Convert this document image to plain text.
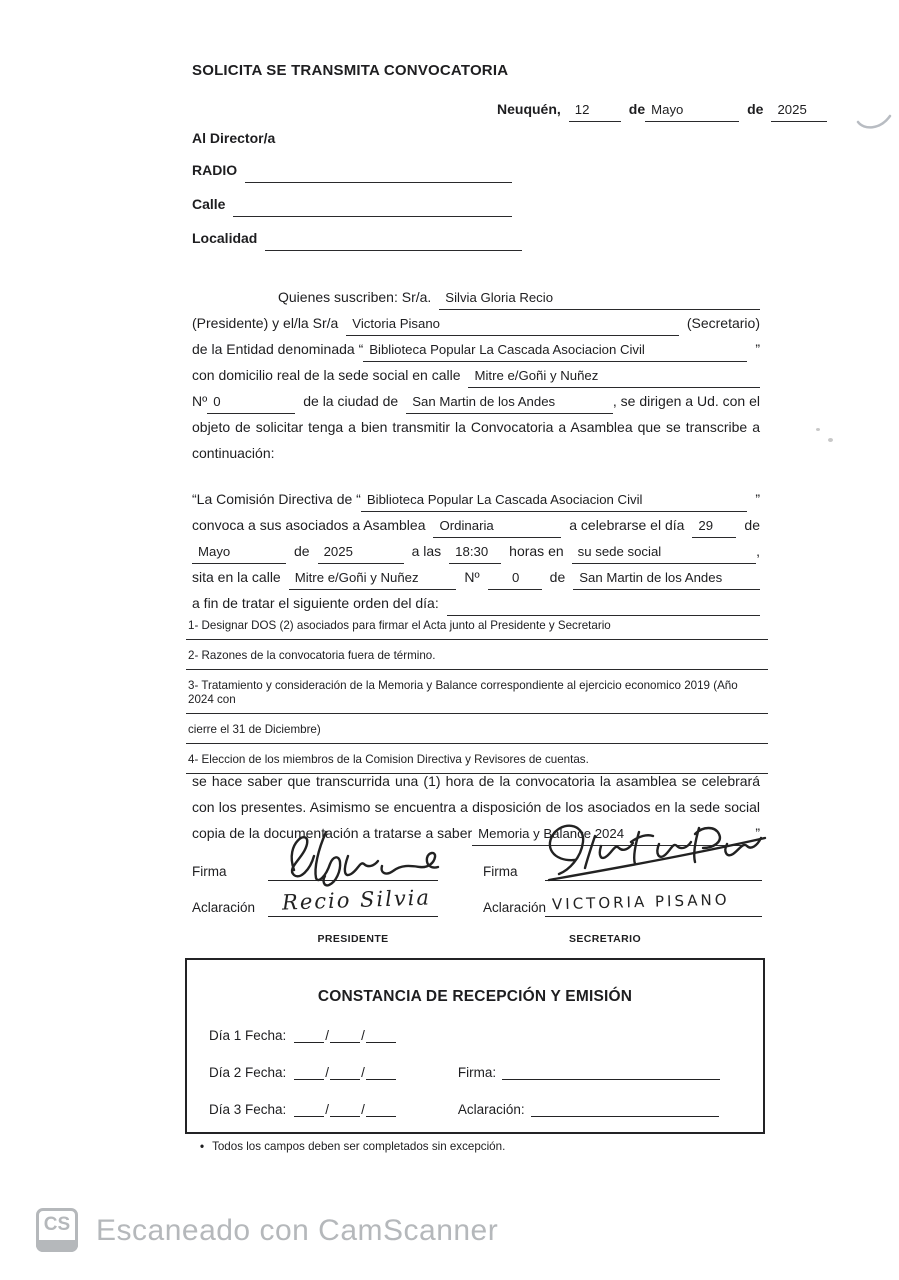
SOLICITA SE TRANSMITA CONVOCATORIA
Neuquén,	12	de Mayo	de	2025
Al Director/a
RADIO
Calle
Localidad
Quienes suscriben: Sr/a.	Silvia Gloria Recio
(Presidente) y el/la Sr/a	Victoria Pisano	(Secretario)
de la Entidad denominada “ Biblioteca Popular La Cascada Asociacion Civil	”
con domicilio real de la sede social en calle	Mitre e/Goñi y Nuñez
Nº 0	de la ciudad de	San Martin de los Andes	, se dirigen a Ud. con el
objeto de solicitar tenga a bien transmitir la Convocatoria a Asamblea que se transcribe a
continuación:
“La Comisión Directiva de “ Biblioteca Popular La Cascada Asociacion Civil	”
convoca a sus asociados a Asamblea	Ordinaria	a celebrarse el día	29	de
Mayo	de	2025	a las	18:30	horas en	su sede social	,
sita en la calle	Mitre e/Goñi y Nuñez	Nº	0	de	San Martin de los Andes
a fin de tratar el siguiente orden del día:
1- Designar DOS (2) asociados para firmar el Acta junto al Presidente y Secretario
2- Razones de la convocatoria fuera de término.
3- Tratamiento y consideración de la Memoria y Balance correspondiente al ejercicio economico 2019 (Año 2024 con
cierre el 31 de Diciembre)
4- Eleccion de los miembros de la Comision Directiva y Revisores de cuentas.
se hace saber que transcurrida una (1) hora de la convocatoria la asamblea se celebrará
con los presentes. Asimismo se encuentra a disposición de los asociados en la sede social
copia de la documentación a tratarse a saber Memoria y Balance 2024	”
Firma	Firma
Aclaración Recio Silvia	Aclaración VICTORIA PISANO
PRESIDENTE	SECRETARIO
CONSTANCIA DE RECEPCIÓN Y EMISIÓN
Día 1 Fecha:	/ /
Día 2 Fecha:	/ /	Firma:
Día 3 Fecha:	/ /	Aclaración:
• Todos los campos deben ser completados sin excepción.
CS Escaneado con CamScanner
